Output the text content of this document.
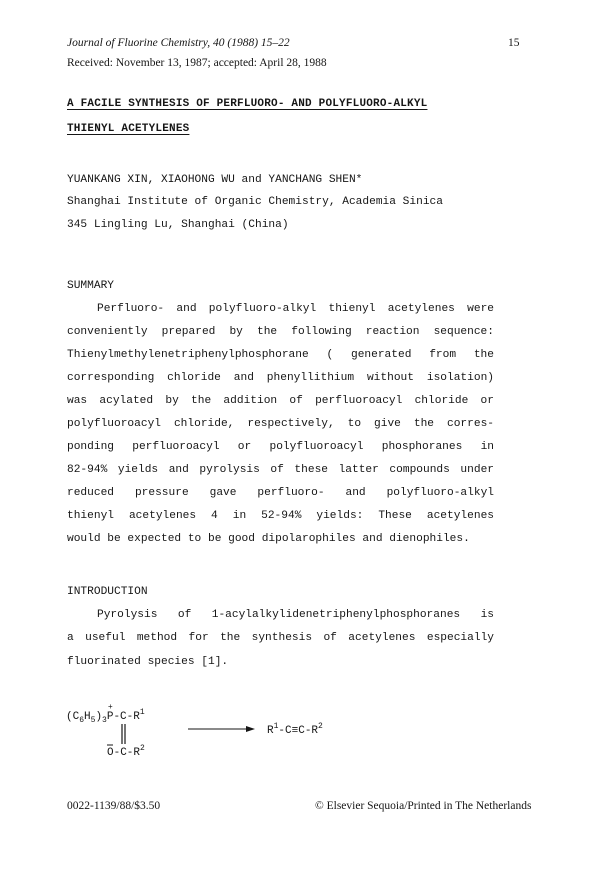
Journal of Fluorine Chemistry, 40 (1988) 15–22	15
Received: November 13, 1987; accepted: April 28, 1988
A FACILE SYNTHESIS OF PERFLUORO- AND POLYFLUORO-ALKYL
THIENYL ACETYLENES
YUANKANG XIN, XIAOHONG WU and YANCHANG SHEN*
Shanghai Institute of Organic Chemistry, Academia Sinica
345 Lingling Lu, Shanghai (China)
SUMMARY
Perfluoro- and polyfluoro-alkyl thienyl acetylenes were
conveniently prepared by the following reaction sequence:
Thienylmethylenetriphenylphosphorane ( generated from the
corresponding chloride and phenyllithium without isolation)
was acylated by the addition of perfluoroacyl chloride or
polyfluoroacyl chloride, respectively, to give the corres-
ponding perfluoroacyl or polyfluoroacyl phosphoranes in
82-94% yields and pyrolysis of these latter compounds under
reduced pressure gave perfluoro- and polyfluoro-alkyl
thienyl acetylenes 4 in 52-94% yields: These acetylenes
would be expected to be good dipolarophiles and dienophiles.
INTRODUCTION
Pyrolysis of 1-acylalkylidenetriphenylphosphoranes is
a useful method for the synthesis of acetylenes especially
fluorinated species [1].
$(C_6H_5)_3P-C-R^1$
+
$O-C-R^2$
$R^1-C\equiv C-R^2$
0022-1139/88/$3.50	© Elsevier Sequoia/Printed in The Netherlands
